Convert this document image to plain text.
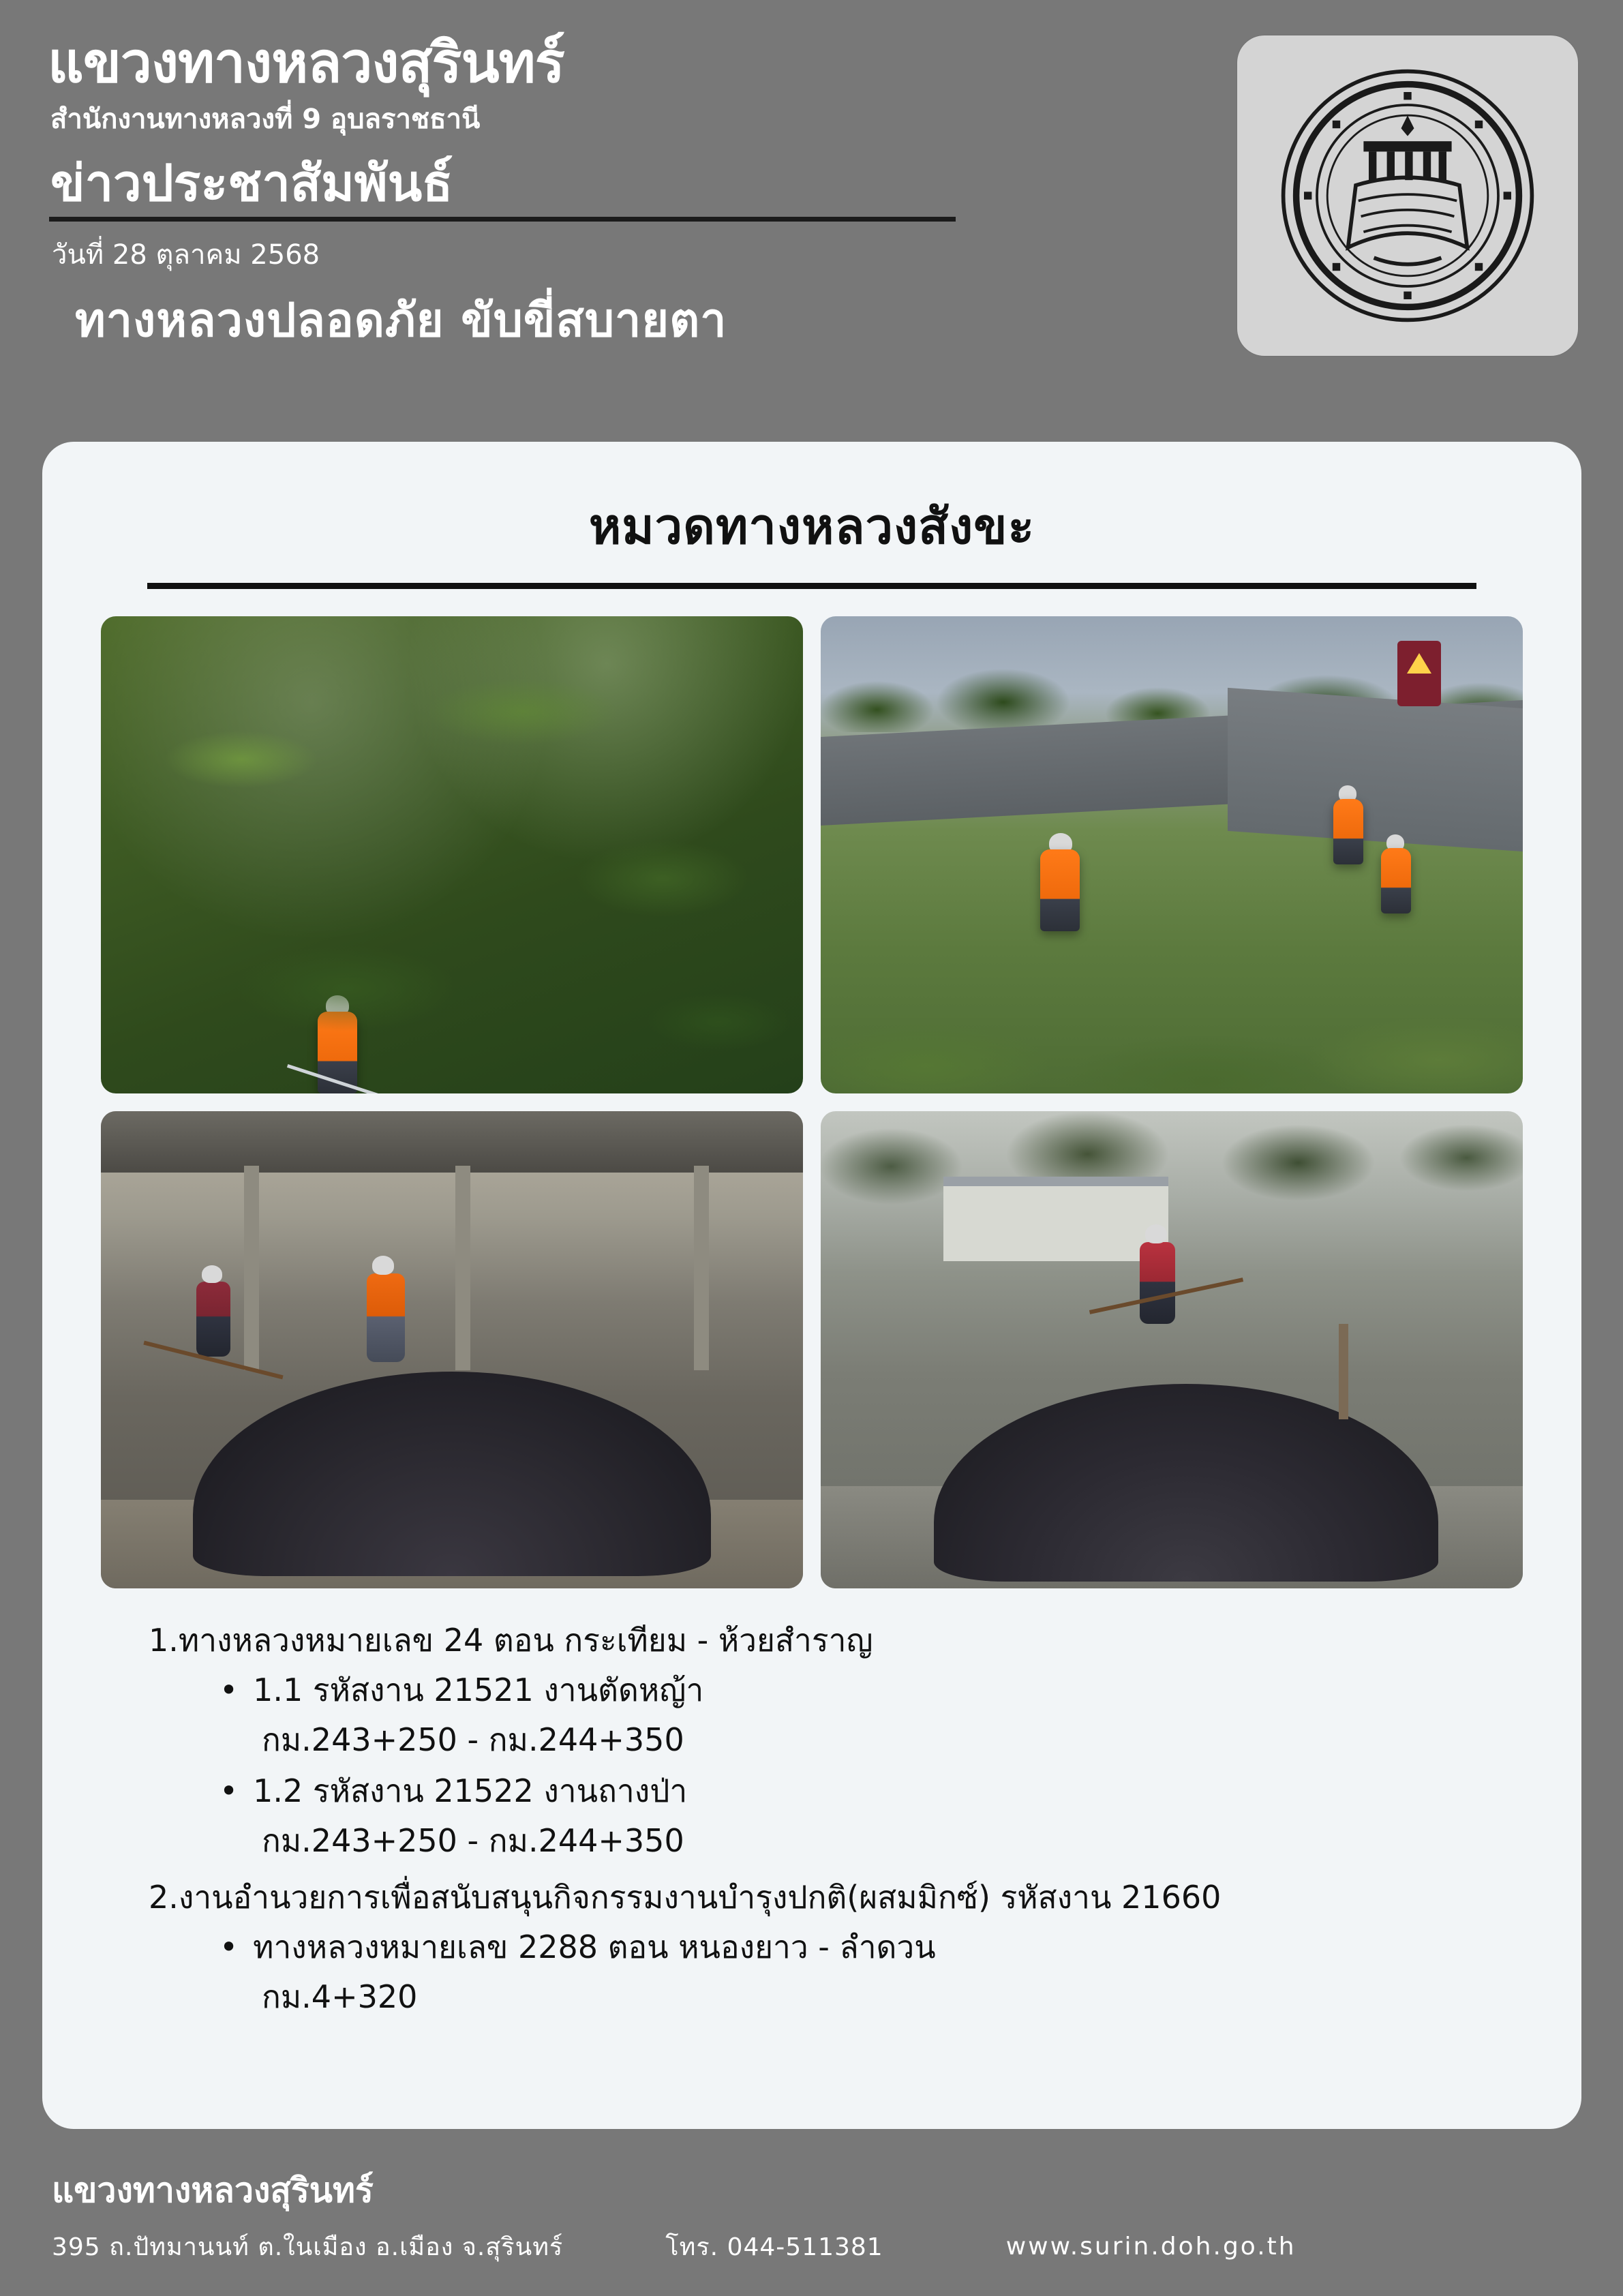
แขวงทางหลวงสุรินทร์
สำนักงานทางหลวงที่ 9 อุบลราชธานี
ข่าวประชาสัมพันธ์
วันที่ 28 ตุลาคม 2568
ทางหลวงปลอดภัย ขับขี่สบายตา
หมวดทางหลวงสังขะ
1.ทางหลวงหมายเลข 24 ตอน กระเทียม - ห้วยสำราญ
• 1.1 รหัสงาน 21521 งานตัดหญ้า
กม.243+250 - กม.244+350
• 1.2 รหัสงาน 21522 งานถางป่า
กม.243+250 - กม.244+350
2.งานอำนวยการเพื่อสนับสนุนกิจกรรมงานบำรุงปกติ(ผสมมิกซ์) รหัสงาน 21660
• ทางหลวงหมายเลข 2288 ตอน หนองยาว - ลำดวน
กม.4+320
แขวงทางหลวงสุรินทร์
395 ถ.ปัทมานนท์ ต.ในเมือง อ.เมือง จ.สุรินทร์	โทร. 044-511381	www.surin.doh.go.th
